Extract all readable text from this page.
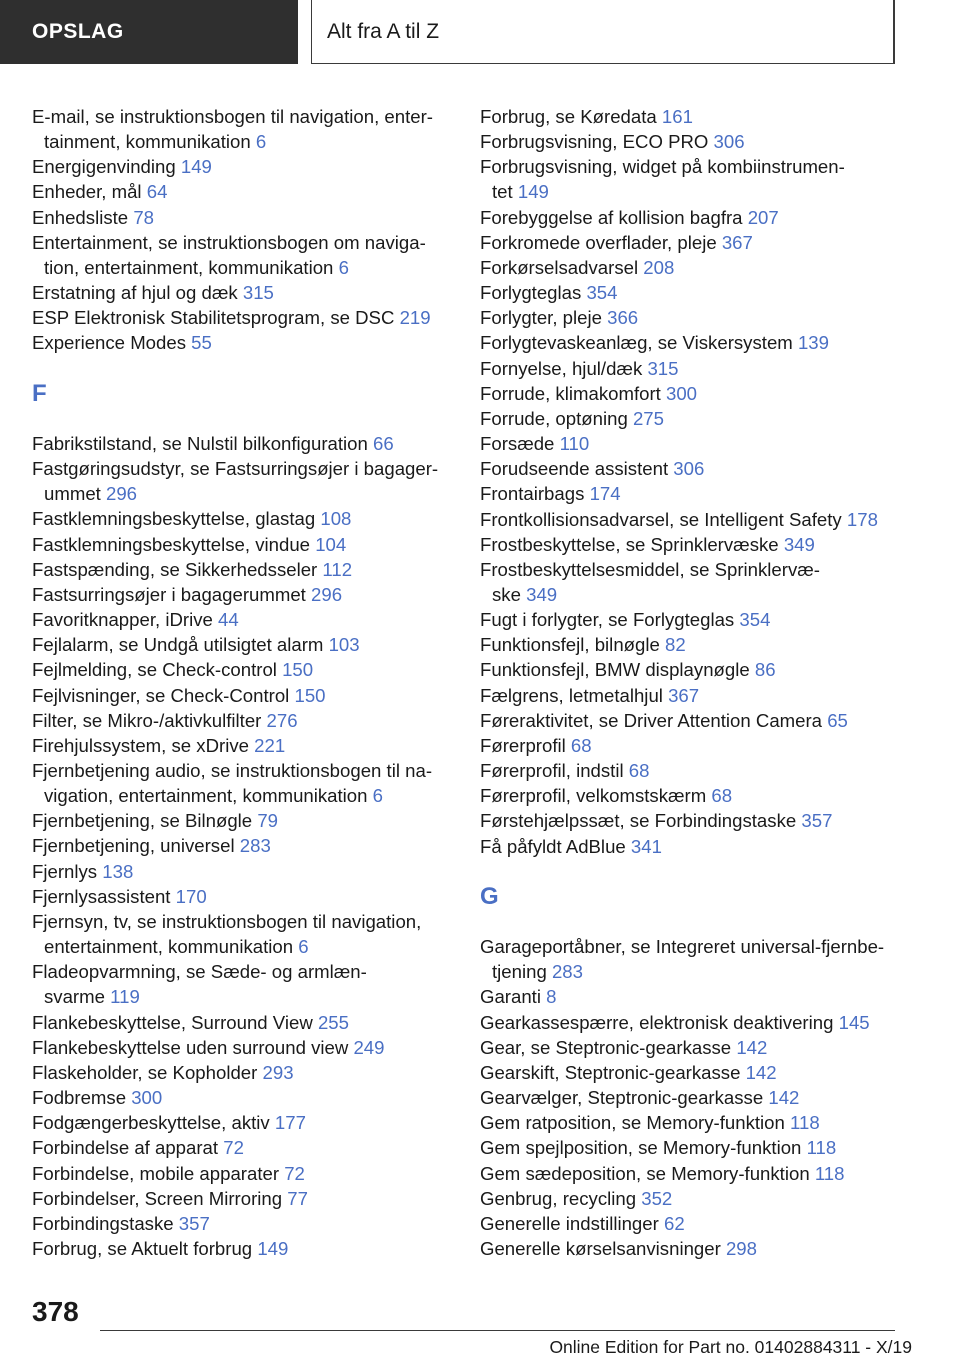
OPSLAG	Alt fra A til Z
E-mail, se instruktionsbogen til navigation, enter‐
tainment, kommunikation 6
Energigenvinding 149
Enheder, mål 64
Enhedsliste 78
Entertainment, se instruktionsbogen om naviga‐
tion, entertainment, kommunikation 6
Erstatning af hjul og dæk 315
ESP Elektronisk Stabilitetsprogram, se DSC 219
Experience Modes 55
F
Fabrikstilstand, se Nulstil bilkonfiguration 66
Fastgøringsudstyr, se Fastsurringsøjer i bagager‐
ummet 296
Fastklemningsbeskyttelse, glastag 108
Fastklemningsbeskyttelse, vindue 104
Fastspænding, se Sikkerhedsseler 112
Fastsurringsøjer i bagagerummet 296
Favoritknapper, iDrive 44
Fejlalarm, se Undgå utilsigtet alarm 103
Fejlmelding, se Check-control 150
Fejlvisninger, se Check-Control 150
Filter, se Mikro-/aktivkulfilter 276
Firehjulssystem, se xDrive 221
Fjernbetjening audio, se instruktionsbogen til na‐
vigation, entertainment, kommunikation 6
Fjernbetjening, se Bilnøgle 79
Fjernbetjening, universel 283
Fjernlys 138
Fjernlysassistent 170
Fjernsyn, tv, se instruktionsbogen til navigation,
entertainment, kommunikation 6
Fladeopvarmning, se Sæde- og armlæn‐
svarme 119
Flankebeskyttelse, Surround View 255
Flankebeskyttelse uden surround view 249
Flaskeholder, se Kopholder 293
Fodbremse 300
Fodgængerbeskyttelse, aktiv 177
Forbindelse af apparat 72
Forbindelse, mobile apparater 72
Forbindelser, Screen Mirroring 77
Forbindingstaske 357
Forbrug, se Aktuelt forbrug 149
Forbrug, se Køredata 161
Forbrugsvisning, ECO PRO 306
Forbrugsvisning, widget på kombiinstrumen‐
tet 149
Forebyggelse af kollision bagfra 207
Forkromede overflader, pleje 367
Forkørselsadvarsel 208
Forlygteglas 354
Forlygter, pleje 366
Forlygtevaskeanlæg, se Viskersystem 139
Fornyelse, hjul/dæk 315
Forrude, klimakomfort 300
Forrude, optøning 275
Forsæde 110
Forudseende assistent 306
Frontairbags 174
Frontkollisionsadvarsel, se Intelligent Safety 178
Frostbeskyttelse, se Sprinklervæske 349
Frostbeskyttelsesmiddel, se Sprinklervæ‐
ske 349
Fugt i forlygter, se Forlygteglas 354
Funktionsfejl, bilnøgle 82
Funktionsfejl, BMW displaynøgle 86
Fælgrens, letmetalhjul 367
Føreraktivitet, se Driver Attention Camera 65
Førerprofil 68
Førerprofil, indstil 68
Førerprofil, velkomstskærm 68
Førstehjælpssæt, se Forbindingstaske 357
Få påfyldt AdBlue 341
G
Garageportåbner, se Integreret universal-fjernbe‐
tjening 283
Garanti 8
Gearkassespærre, elektronisk deaktivering 145
Gear, se Steptronic-gearkasse 142
Gearskift, Steptronic-gearkasse 142
Gearvælger, Steptronic-gearkasse 142
Gem ratposition, se Memory-funktion 118
Gem spejlposition, se Memory-funktion 118
Gem sædeposition, se Memory-funktion 118
Genbrug, recycling 352
Generelle indstillinger 62
Generelle kørselsanvisninger 298
378
Online Edition for Part no. 01402884311 - X/19
